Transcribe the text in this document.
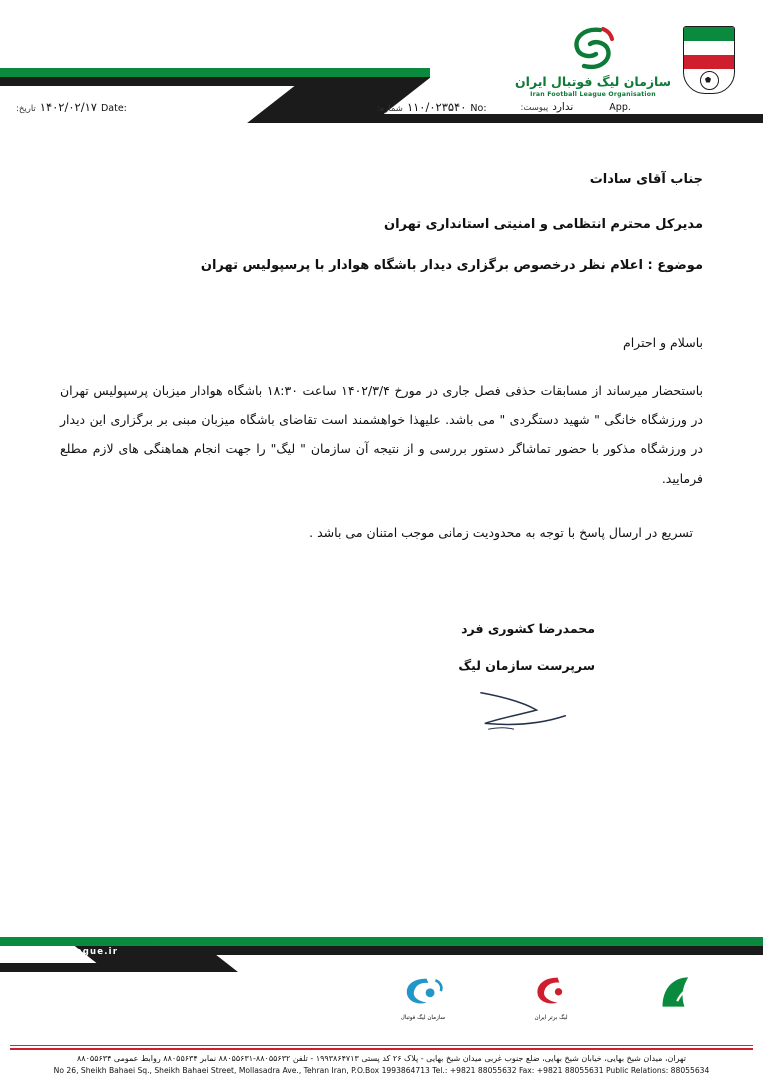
سازمان لیگ فوتبال ایران
Iran Football League Organisation
Date:
۱۴۰۲/۰۲/۱۷
تاریخ:	No:
۱۱۰/۰۲۳۵۴۰
شماره:	ندارد
پیوست:	App.
جناب آقای سادات
مدیرکل محترم انتظامی و امنیتی استانداری تهران
موضوع : اعلام نظر درخصوص برگزاری دیدار باشگاه هوادار با پرسپولیس تهران
باسلام و احترام

باستحضار میرساند از مسابقات حذفی فصل جاری در مورخ ۱۴۰۲/۳/۴ ساعت ۱۸:۳۰ باشگاه هوادار میزبان پرسپولیس تهران در ورزشگاه خانگی " شهید دستگردی " می باشد. علیهذا خواهشمند است تقاضای باشگاه میزبان مبنی بر برگزاری این دیدار در ورزشگاه مذکور با حضور تماشاگر دستور بررسی و از نتیجه آن سازمان " لیگ" را جهت انجام هماهنگی های لازم مطلع فرمایید.

تسریع در ارسال پاسخ با توجه به محدودیت زمانی موجب امتنان می باشد .

محمدرضا کشوری فرد
سرپرست سازمان لیگ
www.iranleague.ir
لیگ برتر ایران
سازمان لیگ فوتبال
تهران، میدان شیخ بهایی، خیابان شیخ بهایی، ضلع جنوب غربی میدان شیخ بهایی - پلاک ۲۶ کد پستی ۱۹۹۳۸۶۴۷۱۳ - تلفن ۸۸۰۵۵۶۳۲-۸۸۰۵۵۶۳۱ نمابر ۸۸۰۵۵۶۳۴ روابط عمومی ۸۸۰۵۵۶۳۴
No 26, Sheikh Bahaei Sq., Sheikh Bahaei Street, Mollasadra Ave., Tehran Iran, P.O.Box 1993864713 Tel.: +9821 88055632 Fax: +9821 88055631 Public Relations: 88055634
